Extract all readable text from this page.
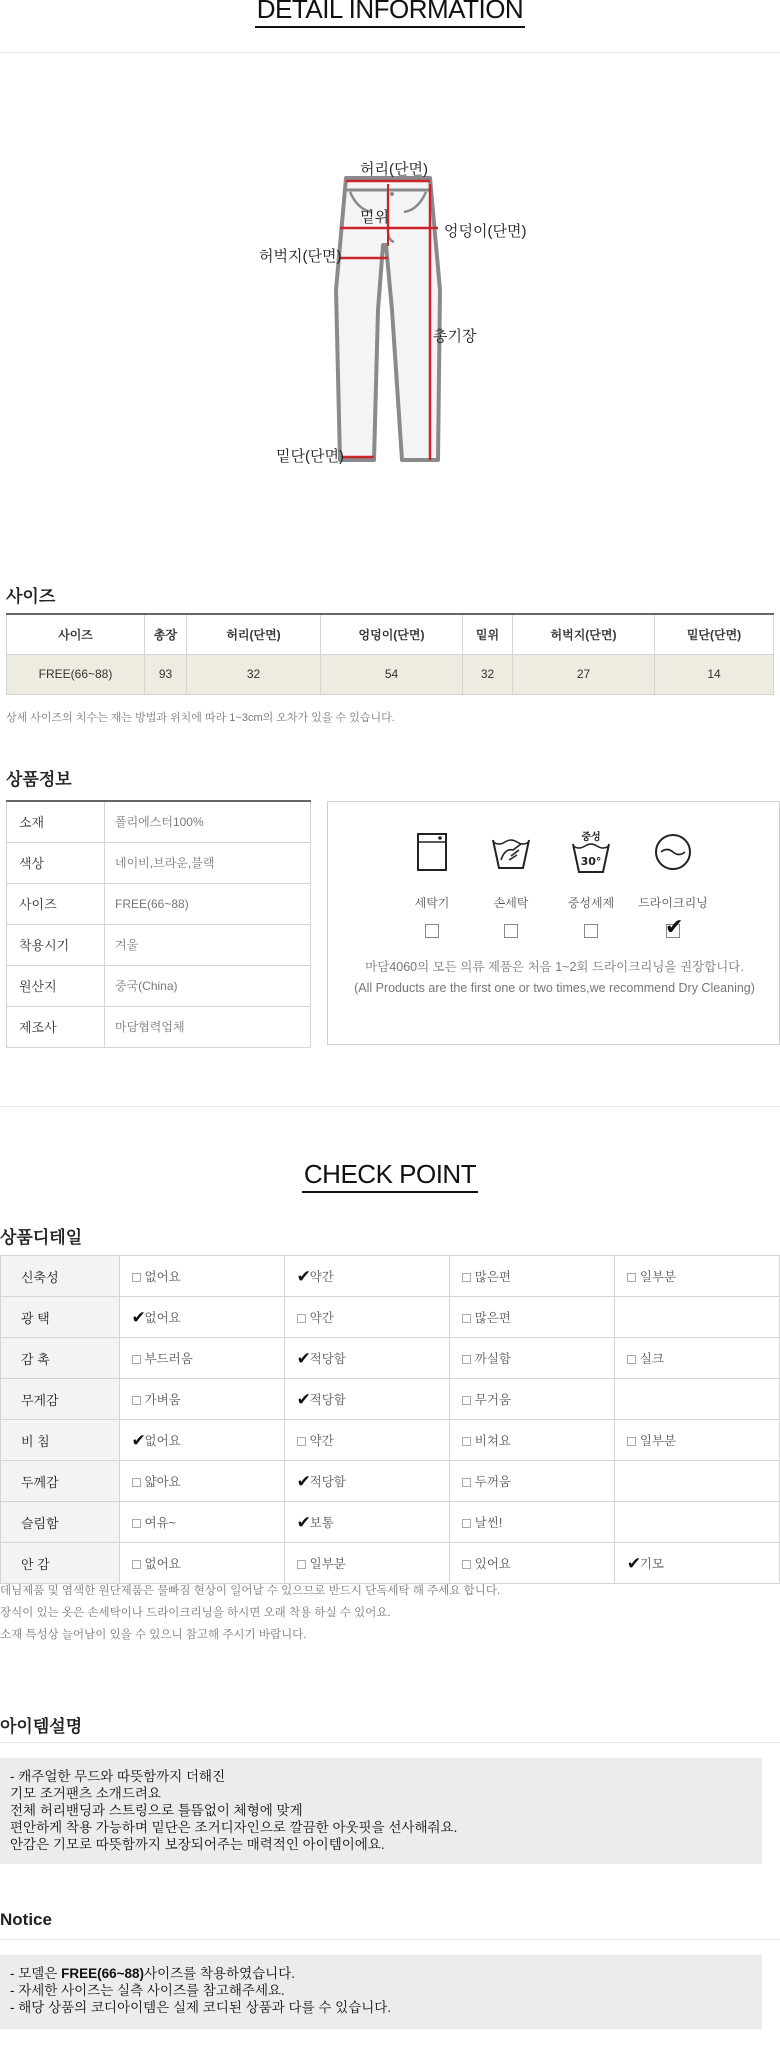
DETAIL INFORMATION
허리(단면)
밑위
엉덩이(단면)
허벅지(단면)
총기장
밑단(단면)
사이즈
사이즈	총장	허리(단면)	엉덩이(단면)	밑위	허벅지(단면)	밑단(단면)
FREE(66~88)	93	32	54	32	27	14
상세 사이즈의 치수는 재는 방법과 위치에 따라 1~3cm의 오차가 있을 수 있습니다.
상품정보
소재	폴리에스터100%
색상	네이비,브라운,블랙
사이즈	FREE(66~88)
착용시기	겨울
원산지	중국(China)
제조사	마담협력업체
중성
30°
세탁기	손세탁	중성세제	드라이크리닝
✔
마담4060의 모든 의류 제품은 처음 1~2회 드라이크리닝을 권장합니다.
(All Products are the first one or two times,we recommend Dry Cleaning)
CHECK POINT
상품디테일
신축성	없어요	✔약간	많은편	일부분
광 택	✔없어요	약간	많은편	
감 촉	부드러움	✔적당함	까실함	실크
무게감	가벼움	✔적당함	무거움	
비 침	✔없어요	약간	비쳐요	일부분
두께감	얇아요	✔적당함	두꺼움	
슬림함	여유~	✔보통	날씬!	
안 감	없어요	일부분	있어요	✔기모
데님제품 및 염색한 원단제품은 물빠짐 현상이 일어날 수 있으므로 반드시 단독세탁 해 주세요 합니다.
장식이 있는 옷은 손세탁이나 드라이크리닝을 하시면 오래 착용 하실 수 있어요.
소재 특성상 늘어남이 있을 수 있으니 참고해 주시기 바랍니다.
아이템설명
- 캐주얼한 무드와 따뜻함까지 더해진
기모 조거팬츠 소개드려요
전체 허리밴딩과 스트링으로 틀뜸없이 체형에 맞게
편안하게 착용 가능하며 밑단은 조거디자인으로 깔끔한 아웃핏을 선사해줘요.
안감은 기모로 따뜻함까지 보장되어주는 매력적인 아이템이에요.
Notice
- 모델은 FREE(66~88)사이즈를 착용하였습니다.
- 자세한 사이즈는 실측 사이즈를 참고해주세요.
- 해당 상품의 코디아이템은 실제 코디된 상품과 다를 수 있습니다.
